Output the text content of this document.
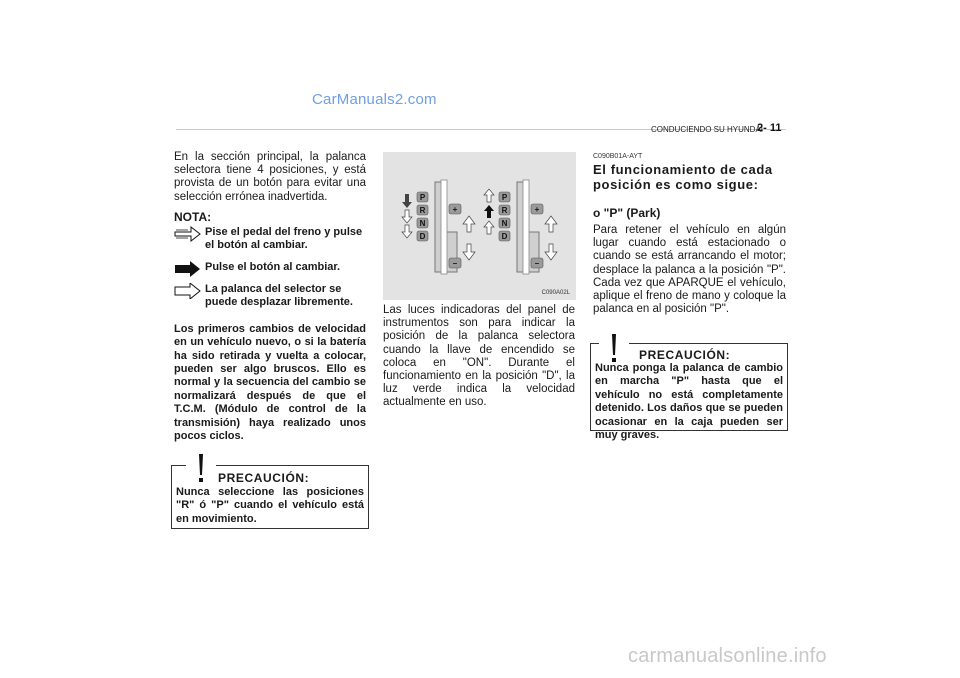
CarManuals2.com
CONDUCIENDO SU HYUNDAI
2- 11

En la sección principal, la palanca selectora tiene 4 posiciones, y está provista de un botón para evitar una selección errónea inadvertida.

NOTA:
Pise el pedal del freno y pulse el botón al cambiar.
Pulse el botón al cambiar.
La palanca del selector se puede desplazar libremente.
Los primeros cambios de velocidad en un vehículo nuevo, o si la batería ha sido retirada y vuelta a colocar, pueden ser algo bruscos. Ello es normal y la secuencia del cambio se normalizará después de que el T.C.M. (Módulo de control de la transmisión) haya realizado unos pocos ciclos.
PRECAUCIÓN:
Nunca seleccione las posiciones "R" ó "P" cuando el vehículo está en movimiento.
P
R
N
D
+
–
P
R
N
D
+
–
C090A02L

Las luces indicadoras del panel de instrumentos son para indicar la posición de la palanca selectora cuando la llave de encendido se coloca en "ON". Durante el funcionamiento en la posición "D", la luz verde indica la velocidad actualmente en uso.

C090B01A-AYT
El funcionamiento de cada posición es como sigue:
o "P" (Park)

Para retener el vehículo en algún lugar cuando está estacionado o cuando se está arrancando el motor; desplace la palanca a la posición "P". Cada vez que APARQUE el vehículo, aplique el freno de mano y coloque la palanca en al posición "P".

PRECAUCIÓN:
Nunca ponga la palanca de cambio en marcha "P" hasta que el vehículo no está completamente detenido. Los daños que se pueden ocasionar en la caja pueden ser muy graves.
carmanualsonline.info
